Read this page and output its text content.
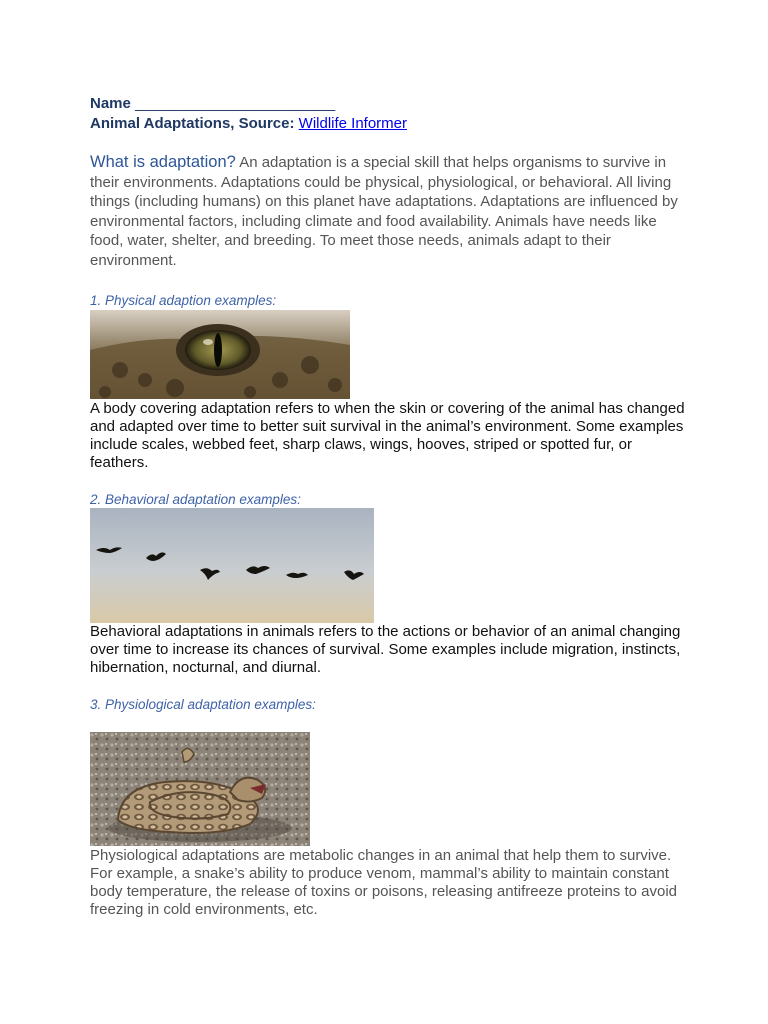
Name ________________________
Animal Adaptations, Source: Wildlife Informer
What is adaptation? An adaptation is a special skill that helps organisms to survive in their environments. Adaptations could be physical, physiological, or behavioral. All living things (including humans) on this planet have adaptations. Adaptations are influenced by environmental factors, including climate and food availability. Animals have needs like food, water, shelter, and breeding. To meet those needs, animals adapt to their environment.
1. Physical adaption examples:
A body covering adaptation refers to when the skin or covering of the animal has changed and adapted over time to better suit survival in the animal’s environment. Some examples include scales, webbed feet, sharp claws, wings, hooves, striped or spotted fur, or feathers.
2. Behavioral adaptation examples:
Behavioral adaptations in animals refers to the actions or behavior of an animal changing over time to increase its chances of survival. Some examples include migration, instincts, hibernation, nocturnal, and diurnal.
3. Physiological adaptation examples:
Physiological adaptations are metabolic changes in an animal that help them to survive. For example, a snake’s ability to produce venom, mammal’s ability to maintain constant body temperature, the release of toxins or poisons, releasing antifreeze proteins to avoid freezing in cold environments, etc.
